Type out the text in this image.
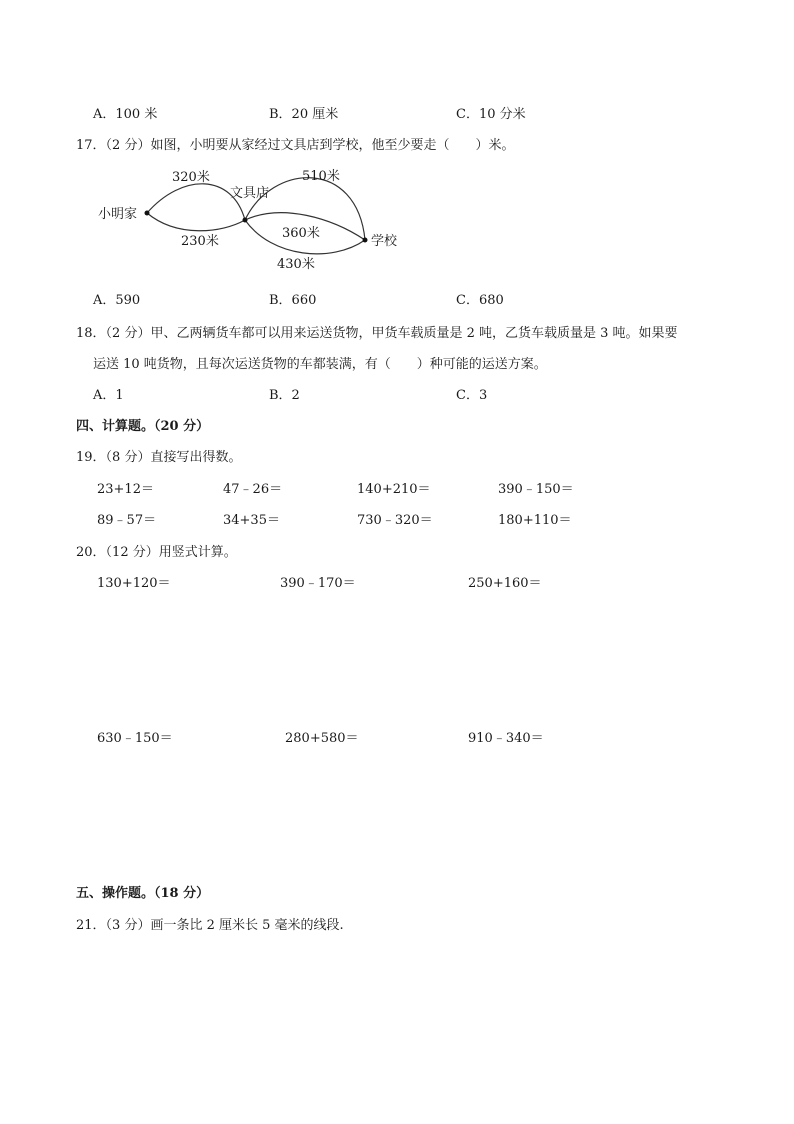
A．100 米	B．20 厘米	C．10 分米
17．（2 分）如图，小明要从家经过文具店到学校，他至少要走（　　）米。
小明家
文具店
学校
320米
230米
510米
360米
430米
A．590	B．660	C．680
18．（2 分）甲、乙两辆货车都可以用来运送货物，甲货车载质量是 2 吨，乙货车载质量是 3 吨。如果要
运送 10 吨货物，且每次运送货物的车都装满，有（　　）种可能的运送方案。
A．1	B．2	C．3
四、计算题。（20 分）
19．（8 分）直接写出得数。
23+12＝	47﹣26＝	140+210＝	390﹣150＝
89﹣57＝	34+35＝	730﹣320＝	180+110＝
20．（12 分）用竖式计算。
130+120＝	390﹣170＝	250+160＝
630﹣150＝	280+580＝	910﹣340＝
五、操作题。（18 分）
21．（3 分）画一条比 2 厘米长 5 毫米的线段.
